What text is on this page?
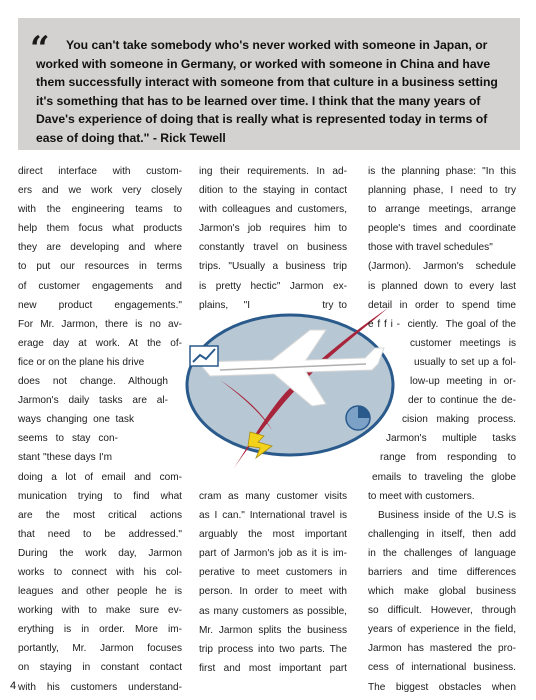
“	You can't take somebody who's never worked with someone in Japan, or worked with someone in Germany, or worked with someone in China and have them successfully interact with someone from that culture in a business setting it's something that has to be learned over time. I think that the many years of Dave's experience of doing that is really what is represented today in terms of ease of doing that." - Rick Tewell

direct interface with custom-
ers and we work very closely
with the engineering teams to
help them focus what products
they are developing and where
to put our resources in terms
of customer engagements and
new product engagements."
For Mr. Jarmon, there is no av-
erage day at work. At the of-
fice or on the plane his drive
does not change. Although
Jarmon's daily tasks are al-
ways changing one task
seems to stay con-
stant "these days I'm
doing a lot of email and com-
munication trying to find what
are the most critical actions
that need to be addressed."
During the work day, Jarmon
works to connect with his col-
leagues and other people he is
working with to make sure ev-
erything is in order. More im-
portantly, Mr. Jarmon focuses
on staying in constant contact
with his customers understand-
ing their requirements. In ad-
dition to the staying in contact
with colleagues and customers,
Jarmon's job requires him to
constantly travel on business
trips. "Usually a business trip
is pretty hectic" Jarmon ex-
plains,   "I              try to
cram as many customer visits
as I can." International travel is
arguably the most important
part of Jarmon's job as it is im-
perative to meet customers in
person. In order to meet with
as many customers as possible,
Mr. Jarmon splits the business
trip process into two parts. The
first and most important part
is the planning phase: "In this
planning phase, I need to try
to arrange meetings, arrange
people's times and coordinate
those with travel schedules"
(Jarmon). Jarmon's schedule
is planned down to every last
detail in order to spend time
e f f i -  ciently.  The goal of the
customer meetings is
usually to set up a fol-
low-up meeting in or-
der to continue the de-
cision making process.
Jarmon's multiple tasks
range from responding to
emails to traveling the globe
to meet with customers.
Business inside of the U.S is
challenging in itself, then add
in the challenges of language
barriers and time differences
which make global business
so difficult. However, through
years of experience in the field,
Jarmon has mastered the pro-
cess of international business.
The   biggest   obstacles   when
4
